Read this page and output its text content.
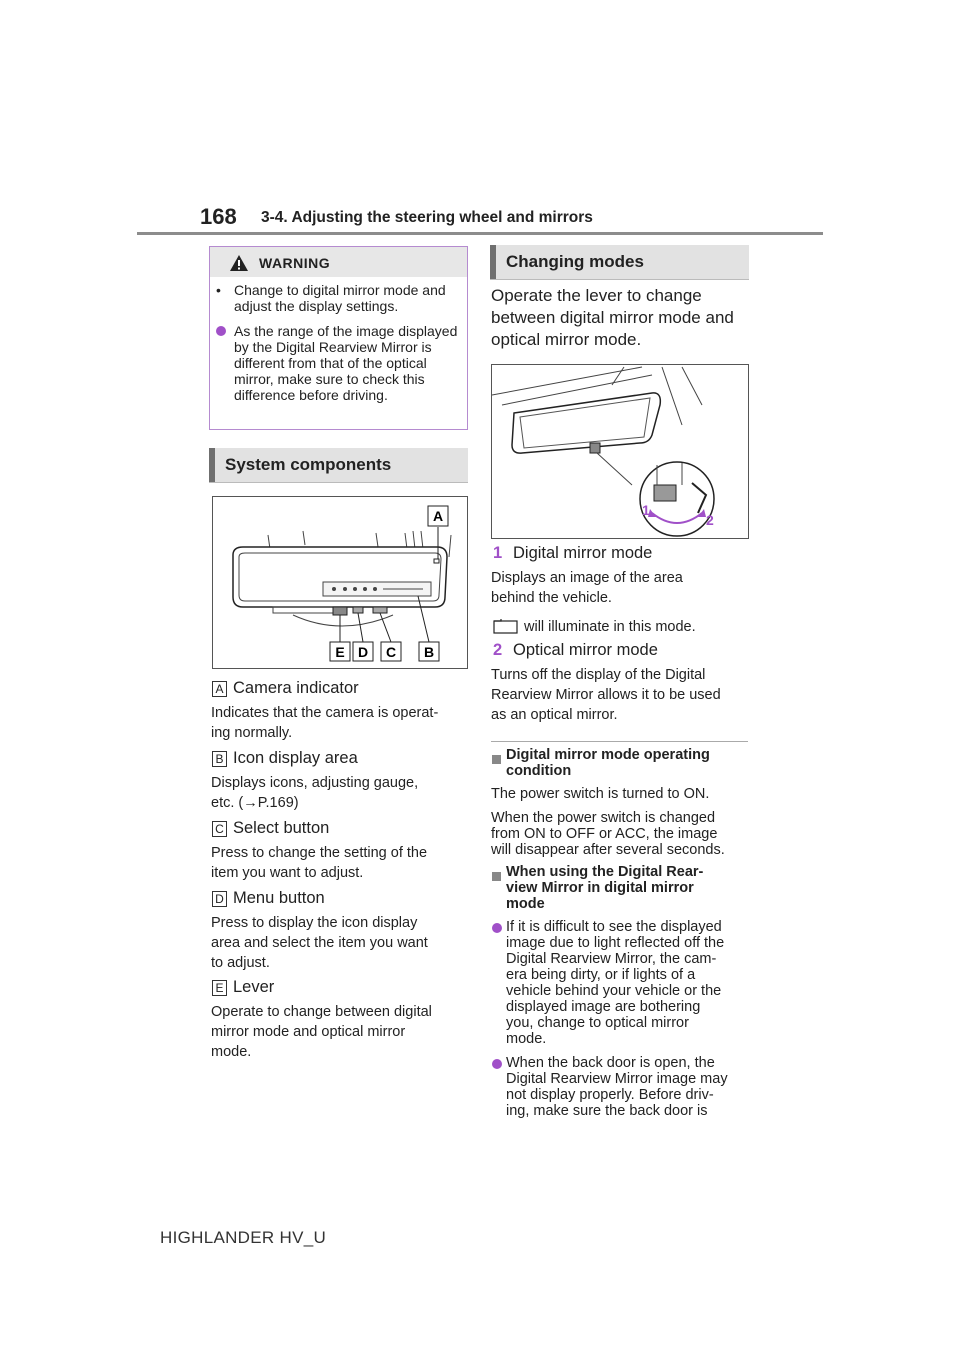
168 3-4. Adjusting the steering wheel and mirrors
WARNING
• Change to digital mirror mode and adjust the display settings.
As the range of the image displayed by the Digital Rearview Mirror is different from that of the optical mirror, make sure to check this difference before driving.
System components
A
E D C B
A Camera indicator
Indicates that the camera is operat-
ing normally.
B Icon display area
Displays icons, adjusting gauge,
etc. (→P.169)
C Select button
Press to change the setting of the
item you want to adjust.
D Menu button
Press to display the icon display
area and select the item you want
to adjust.
E Lever
Operate to change between digital
mirror mode and optical mirror
mode.
Changing modes
Operate the lever to change
between digital mirror mode and
optical mirror mode.
1
2
1 Digital mirror mode
Displays an image of the area
behind the vehicle.
will illuminate in this mode.
2 Optical mirror mode
Turns off the display of the Digital
Rearview Mirror allows it to be used
as an optical mirror.
Digital mirror mode operating
condition
The power switch is turned to ON.
When the power switch is changed
from ON to OFF or ACC, the image
will disappear after several seconds.
When using the Digital Rear-
view Mirror in digital mirror
mode
If it is difficult to see the displayed
image due to light reflected off the
Digital Rearview Mirror, the cam-
era being dirty, or if lights of a
vehicle behind your vehicle or the
displayed image are bothering
you, change to optical mirror
mode.
When the back door is open, the
Digital Rearview Mirror image may
not display properly. Before driv-
ing, make sure the back door is
HIGHLANDER HV_U
